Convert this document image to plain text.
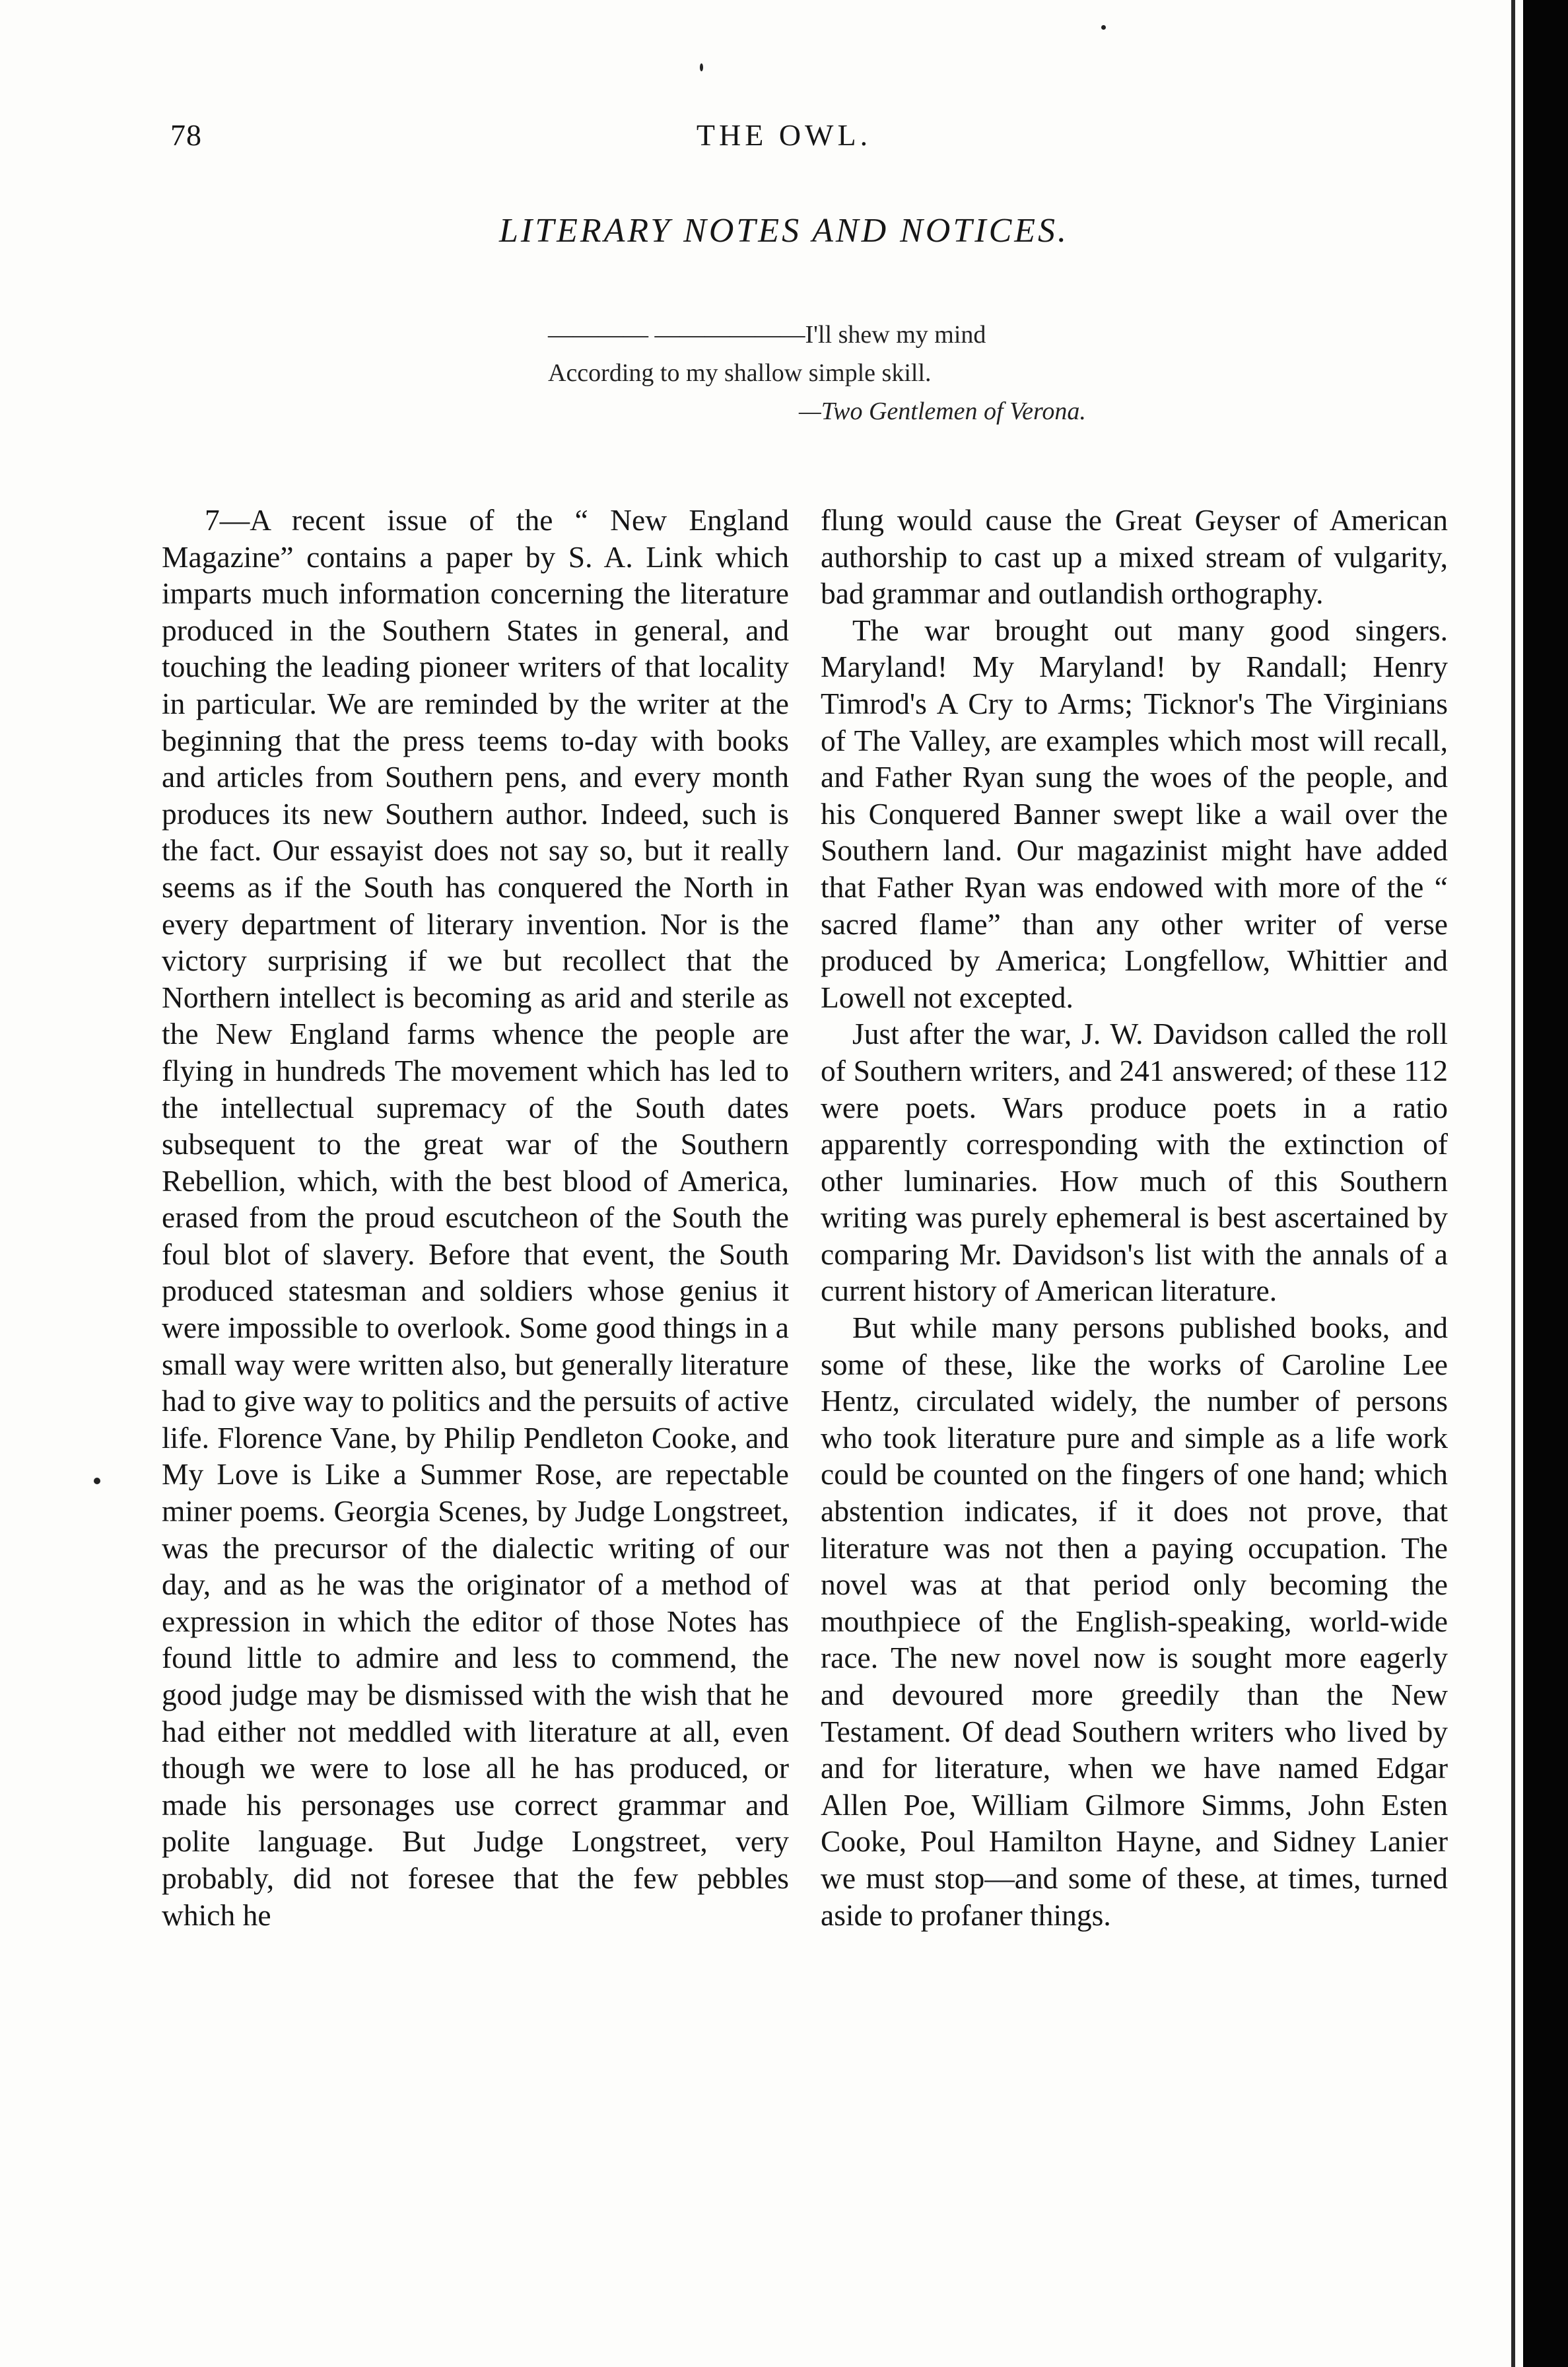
78	THE OWL.
LITERARY NOTES AND NOTICES.
———— ——————I'll shew my mind
According to my shallow simple skill.
—Two Gentlemen of Verona.

7—A recent issue of the “ New England Magazine” contains a paper by S. A. Link which imparts much information concerning the literature produced in the Southern States in general, and touching the leading pioneer writers of that locality in particular. We are reminded by the writer at the beginning that the press teems to-day with books and articles from Southern pens, and every month produces its new Southern author. Indeed, such is the fact. Our essayist does not say so, but it really seems as if the South has conquered the North in every department of literary invention. Nor is the victory surprising if we but recollect that the Northern intellect is becoming as arid and sterile as the New England farms whence the people are flying in hundreds The movement which has led to the intellectual supremacy of the South dates subsequent to the great war of the Southern Rebellion, which, with the best blood of America, erased from the proud escutcheon of the South the foul blot of slavery. Before that event, the South produced statesman and soldiers whose genius it were impossible to overlook. Some good things in a small way were written also, but generally literature had to give way to politics and the persuits of active life. Florence Vane, by Philip Pendleton Cooke, and My Love is Like a Summer Rose, are repectable miner poems. Georgia Scenes, by Judge Longstreet, was the precursor of the dialectic writing of our day, and as he was the originator of a method of expression in which the editor of those Notes has found little to admire and less to commend, the good judge may be dismissed with the wish that he had either not meddled with literature at all, even though we were to lose all he has produced, or made his personages use correct grammar and polite language. But Judge Longstreet, very probably, did not foresee that the few pebbles which he

flung would cause the Great Geyser of American authorship to cast up a mixed stream of vulgarity, bad grammar and outlandish orthography.

The war brought out many good singers. Maryland! My Maryland! by Randall; Henry Timrod's A Cry to Arms; Ticknor's The Virginians of The Valley, are examples which most will recall, and Father Ryan sung the woes of the people, and his Conquered Banner swept like a wail over the Southern land. Our magazinist might have added that Father Ryan was endowed with more of the “ sacred flame” than any other writer of verse produced by America; Longfellow, Whittier and Lowell not excepted.

Just after the war, J. W. Davidson called the roll of Southern writers, and 241 answered; of these 112 were poets. Wars produce poets in a ratio apparently corresponding with the extinction of other luminaries. How much of this Southern writing was purely ephemeral is best ascertained by comparing Mr. Davidson's list with the annals of a current history of American literature.

But while many persons published books, and some of these, like the works of Caroline Lee Hentz, circulated widely, the number of persons who took literature pure and simple as a life work could be counted on the fingers of one hand; which abstention indicates, if it does not prove, that literature was not then a paying occupation. The novel was at that period only becoming the mouthpiece of the English-speaking, world-wide race. The new novel now is sought more eagerly and devoured more greedily than the New Testament. Of dead Southern writers who lived by and for literature, when we have named Edgar Allen Poe, William Gilmore Simms, John Esten Cooke, Poul Hamilton Hayne, and Sidney Lanier we must stop—and some of these, at times, turned aside to profaner things.
